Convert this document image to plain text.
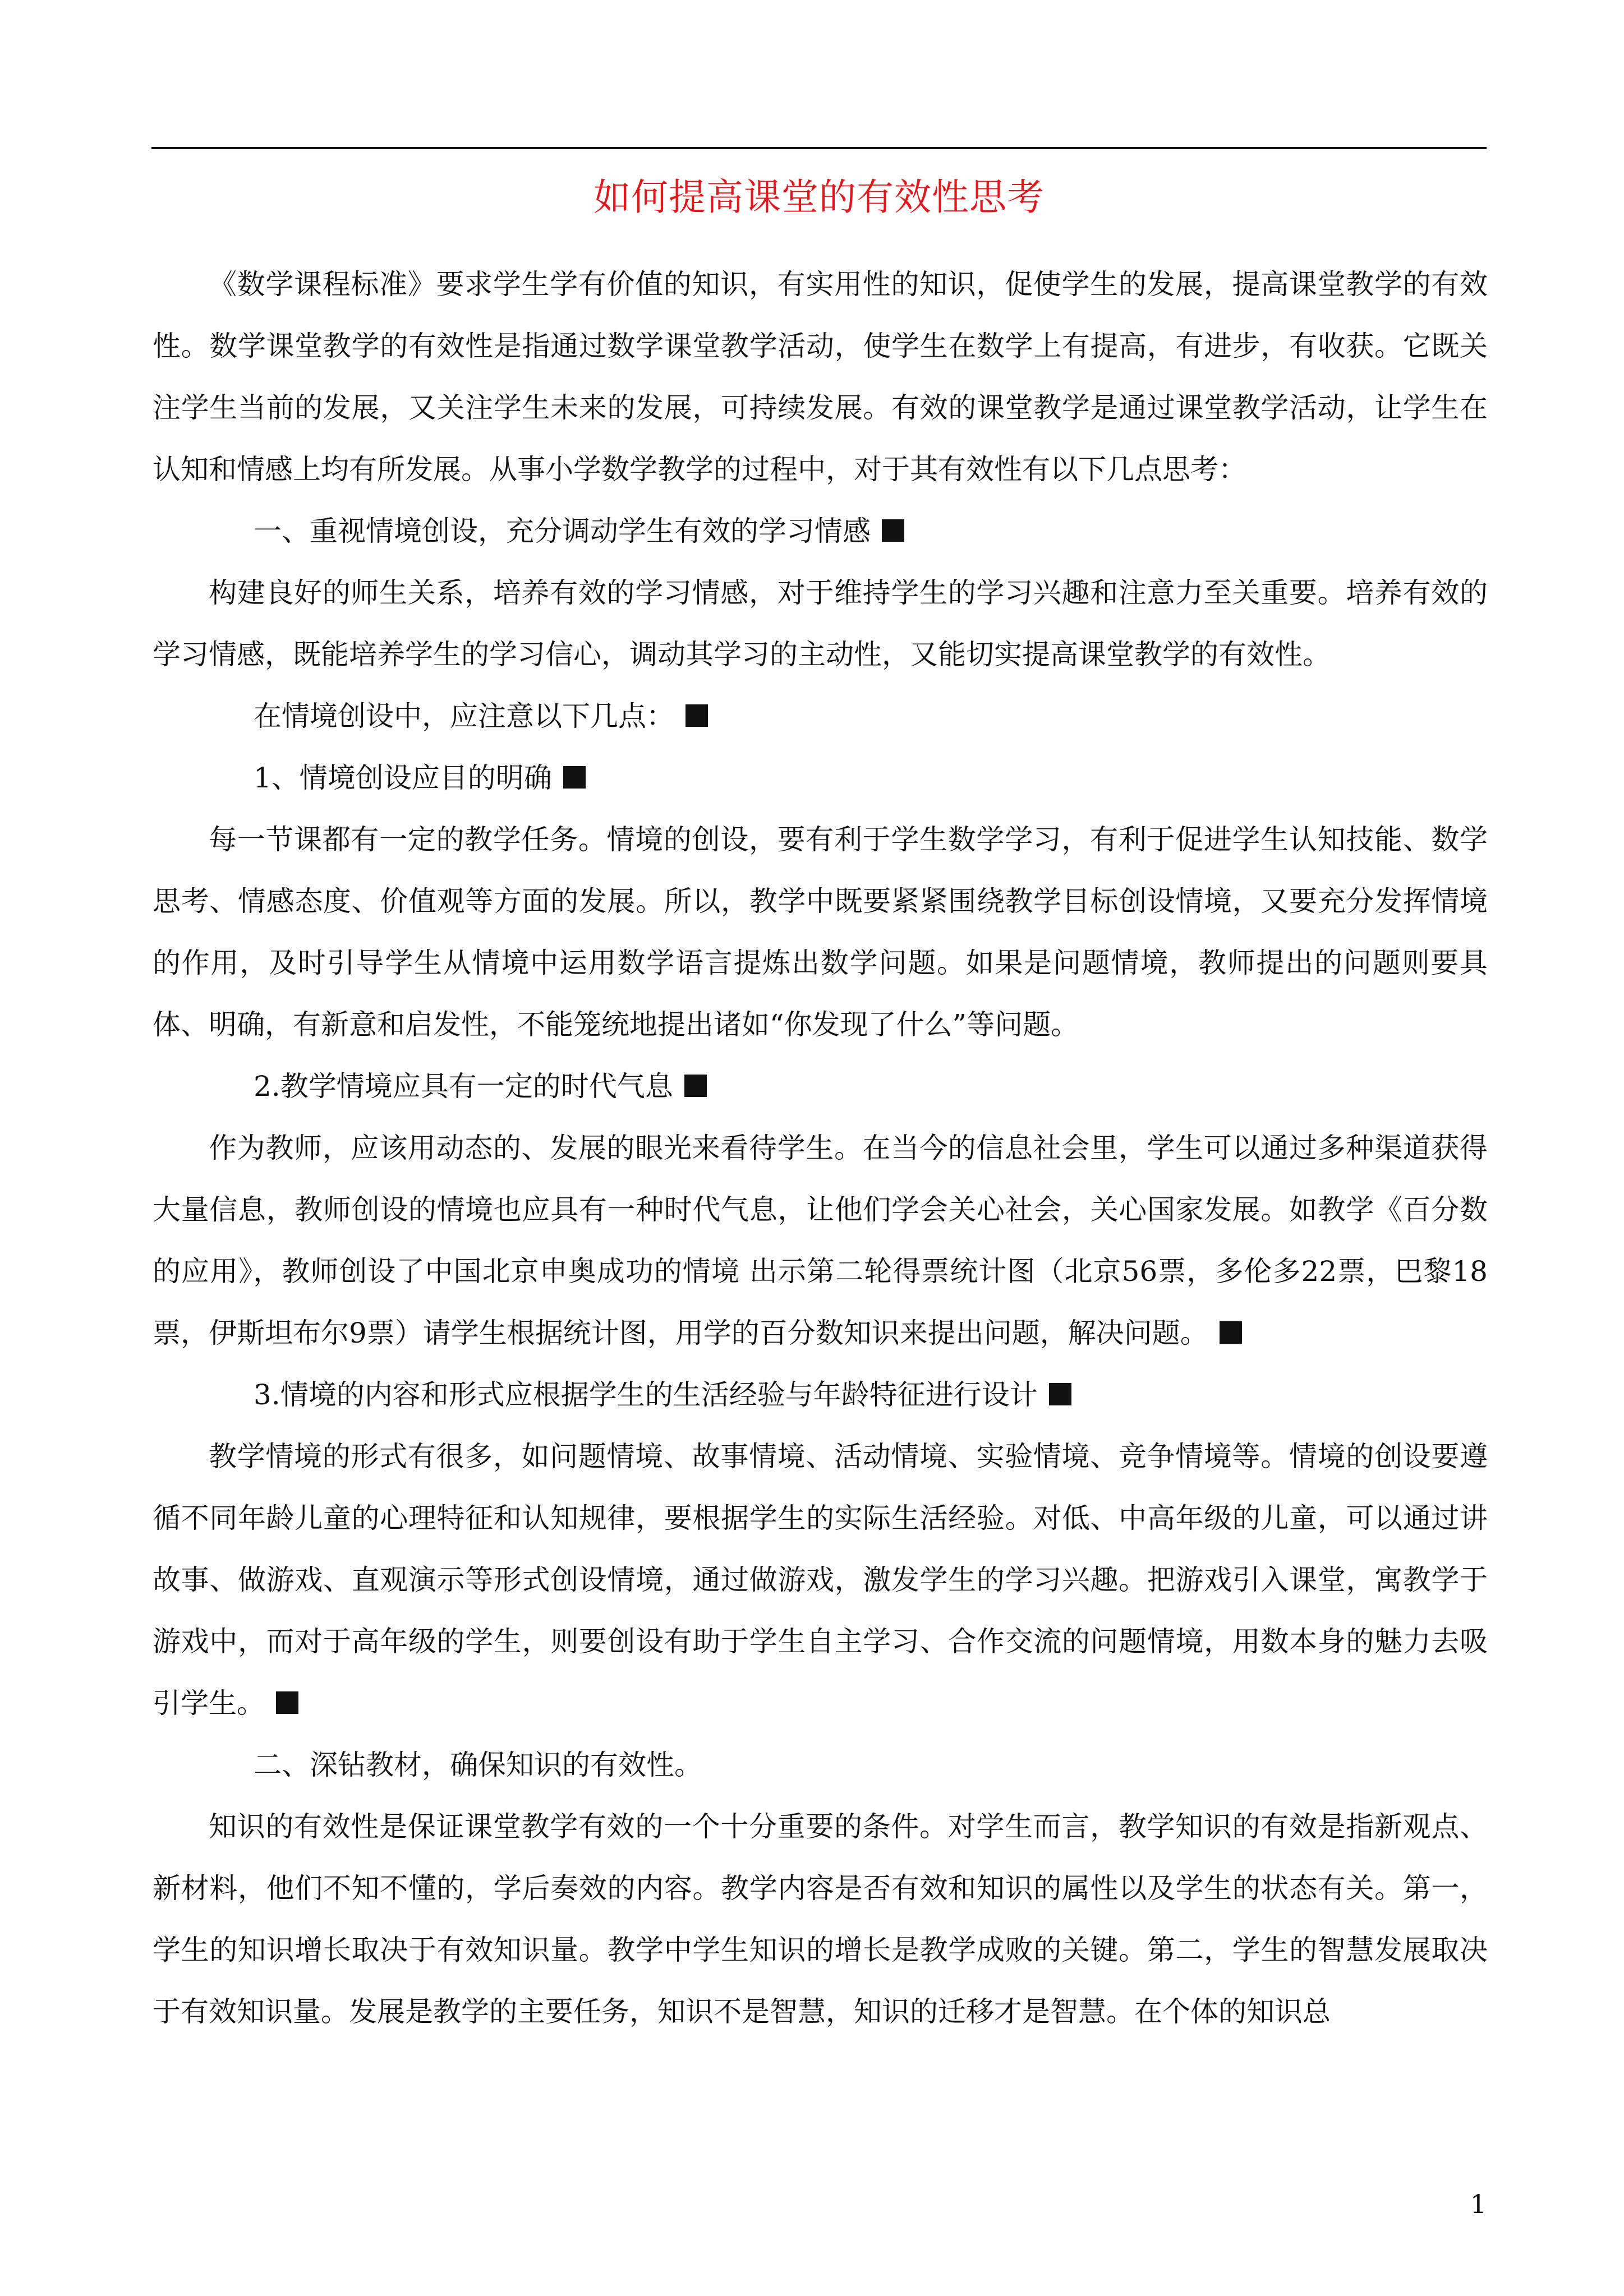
如何提高课堂的有效性思考

《数学课程标准》要求学生学有价值的知识，有实用性的知识，促使学生的发展，提高课堂教学的有效性。数学课堂教学的有效性是指通过数学课堂教学活动，使学生在数学上有提高，有进步，有收获。它既关注学生当前的发展，又关注学生未来的发展，可持续发展。有效的课堂教学是通过课堂教学活动，让学生在认知和情感上均有所发展。从事小学数学教学的过程中，对于其有效性有以下几点思考：

一、重视情境创设，充分调动学生有效的学习情感

构建良好的师生关系，培养有效的学习情感，对于维持学生的学习兴趣和注意力至关重要。培养有效的学习情感，既能培养学生的学习信心，调动其学习的主动性，又能切实提高课堂教学的有效性。

在情境创设中，应注意以下几点：

1、情境创设应目的明确

每一节课都有一定的教学任务。情境的创设，要有利于学生数学学习，有利于促进学生认知技能、数学思考、情感态度、价值观等方面的发展。所以，教学中既要紧紧围绕教学目标创设情境，又要充分发挥情境的作用，及时引导学生从情境中运用数学语言提炼出数学问题。如果是问题情境，教师提出的问题则要具体、明确，有新意和启发性，不能笼统地提出诸如“你发现了什么”等问题。

2.教学情境应具有一定的时代气息

作为教师，应该用动态的、发展的眼光来看待学生。在当今的信息社会里，学生可以通过多种渠道获得大量信息，教师创设的情境也应具有一种时代气息，让他们学会关心社会，关心国家发展。如教学《百分数的应用》，教师创设了中国北京申奥成功的情境 出示第二轮得票统计图（北京56票，多伦多22票，巴黎18票，伊斯坦布尔9票）请学生根据统计图，用学的百分数知识来提出问题，解决问题。

3.情境的内容和形式应根据学生的生活经验与年龄特征进行设计

教学情境的形式有很多，如问题情境、故事情境、活动情境、实验情境、竞争情境等。情境的创设要遵循不同年龄儿童的心理特征和认知规律，要根据学生的实际生活经验。对低、中高年级的儿童，可以通过讲故事、做游戏、直观演示等形式创设情境，通过做游戏，激发学生的学习兴趣。把游戏引入课堂，寓教学于游戏中，而对于高年级的学生，则要创设有助于学生自主学习、合作交流的问题情境，用数本身的魅力去吸引学生。

二、深钻教材，确保知识的有效性。

知识的有效性是保证课堂教学有效的一个十分重要的条件。对学生而言，教学知识的有效是指新观点、新材料，他们不知不懂的，学后奏效的内容。教学内容是否有效和知识的属性以及学生的状态有关。第一，学生的知识增长取决于有效知识量。教学中学生知识的增长是教学成败的关键。第二，学生的智慧发展取决于有效知识量。发展是教学的主要任务，知识不是智慧，知识的迁移才是智慧。在个体的知识总

1
